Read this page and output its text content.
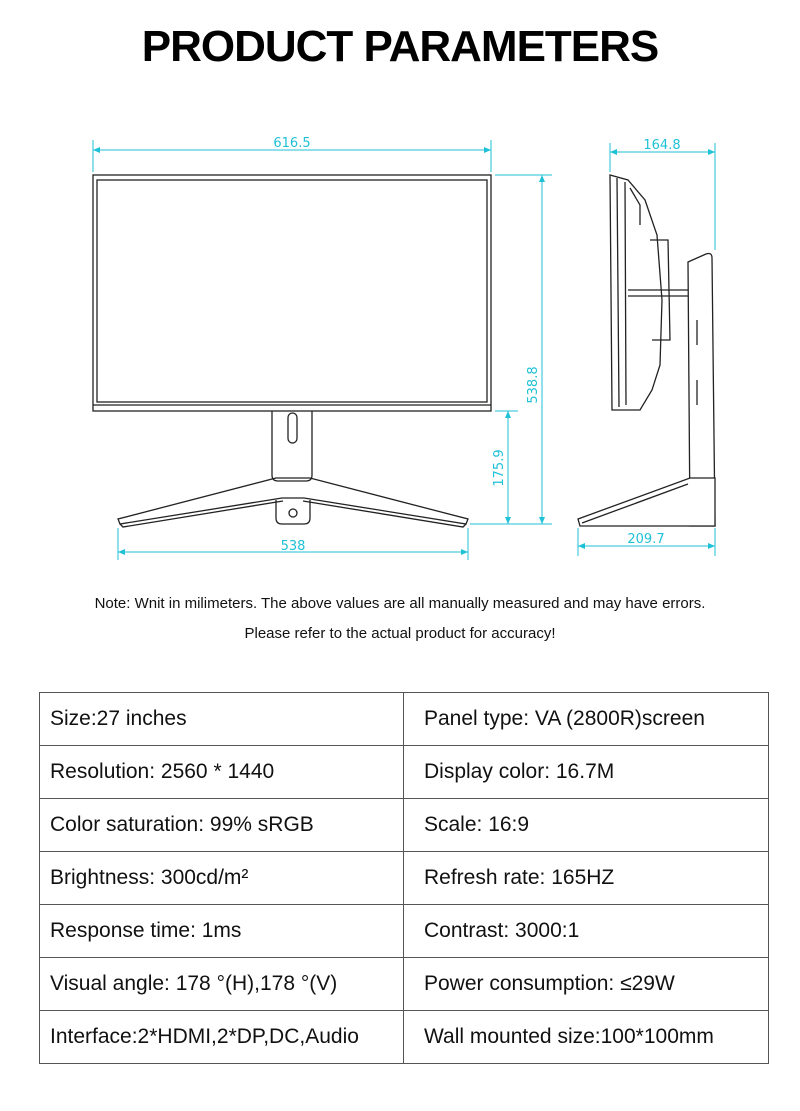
PRODUCT PARAMETERS
616.5
538.8
175.9
538
164.8
209.7
Note: Wnit in milimeters. The above values are all manually measured and may have errors.
Please refer to the actual product for accuracy!
Size:27 inches	Panel type: VA (2800R)screen
Resolution: 2560 * 1440	Display color: 16.7M
Color saturation: 99% sRGB	Scale: 16:9
Brightness: 300cd/m²	Refresh rate: 165HZ
Response time: 1ms	Contrast: 3000:1
Visual angle: 178 °(H),178 °(V)	Power consumption: ≤29W
Interface:2*HDMI,2*DP,DC,Audio	Wall mounted size:100*100mm
